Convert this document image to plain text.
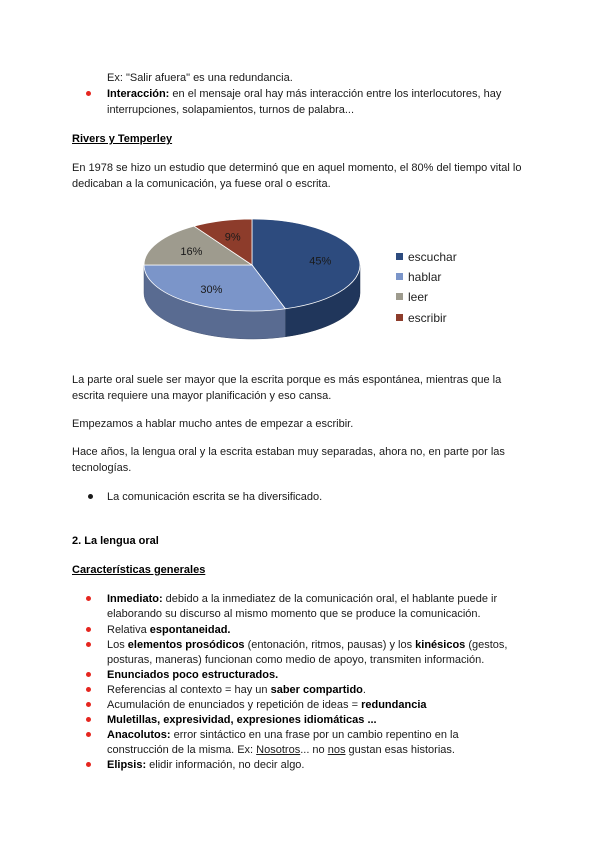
Ex: "Salir afuera" es una redundancia.
Interacción: en el mensaje oral hay más interacción entre los interlocutores, hay
interrupciones, solapamientos, turnos de palabra...
Rivers y Temperley
En 1978 se hizo un estudio que determinó que en aquel momento, el 80% del tiempo vital lo
dedicaban a la comunicación, ya fuese oral o escrita.
45%
30%
16%
9%
escuchar
hablar
leer
escribir
La parte oral suele ser mayor que la escrita porque es más espontánea, mientras que la
escrita requiere una mayor planificación y eso cansa.
Empezamos a hablar mucho antes de empezar a escribir.
Hace años, la lengua oral y la escrita estaban muy separadas, ahora no, en parte por las
tecnologías.
La comunicación escrita se ha diversificado.
2. La lengua oral
Características generales
Inmediato: debido a la inmediatez de la comunicación oral, el hablante puede ir
elaborando su discurso al mismo momento que se produce la comunicación.
Relativa espontaneidad.
Los elementos prosódicos (entonación, ritmos, pausas) y los kinésicos (gestos,
posturas, maneras) funcionan como medio de apoyo, transmiten información.
Enunciados poco estructurados.
Referencias al contexto = hay un saber compartido.
Acumulación de enunciados y repetición de ideas = redundancia
Muletillas, expresividad, expresiones idiomáticas ...
Anacolutos: error sintáctico en una frase por un cambio repentino en la
construcción de la misma. Ex: Nosotros... no nos gustan esas historias.
Elipsis: elidir información, no decir algo.
